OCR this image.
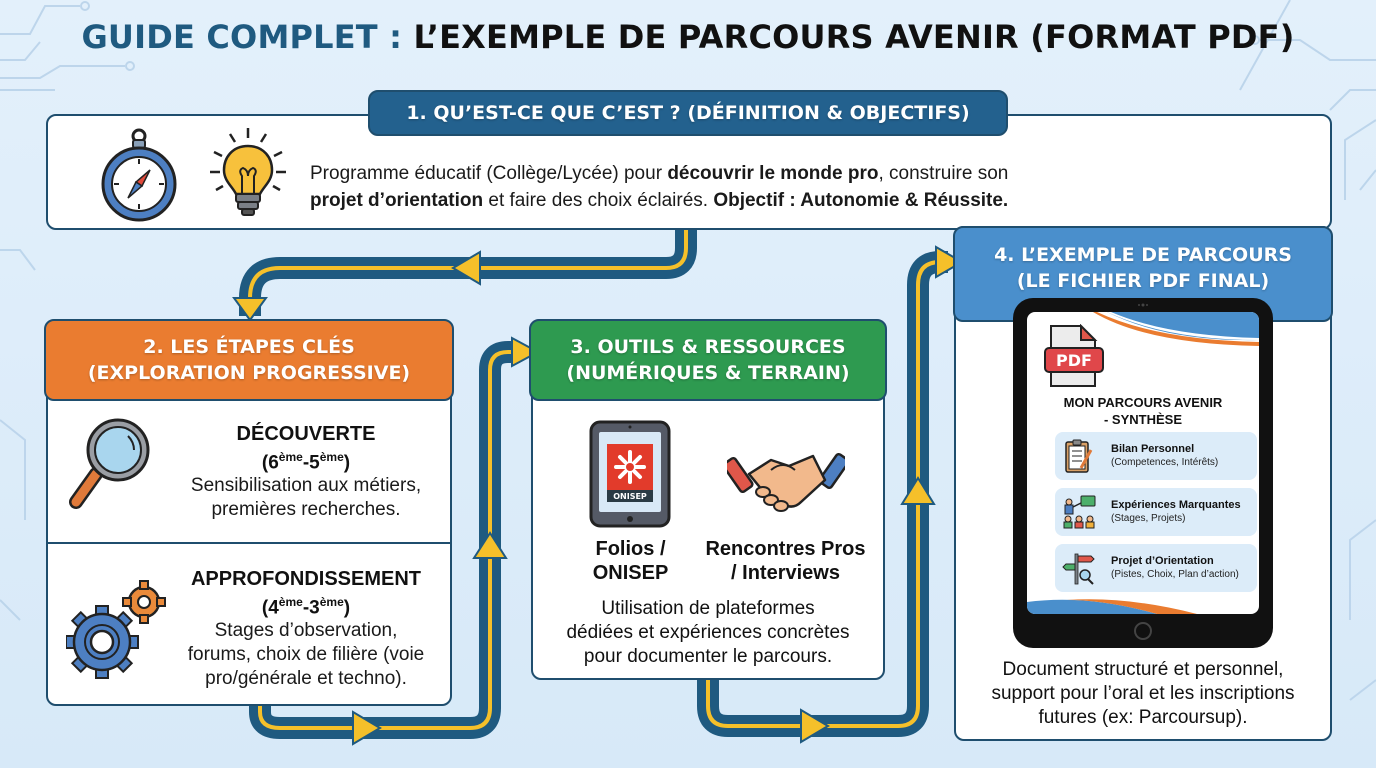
GUIDE COMPLET : L’EXEMPLE DE PARCOURS AVENIR (FORMAT PDF)
Programme éducatif (Collège/Lycée) pour découvrir le monde pro, construire son
projet d’orientation et faire des choix éclairés. Objectif : Autonomie & Réussite.
1. QU’EST-CE QUE C’EST ? (DÉFINITION & OBJECTIFS)
DÉCOUVERTE
(6ème-5ème)
Sensibilisation aux métiers,
premières recherches.
APPROFONDISSEMENT
(4ème-3ème)
Stages d’observation,
forums, choix de filière (voie
pro/générale et techno).
2. LES ÉTAPES CLÉS
(EXPLORATION PROGRESSIVE)
ONISEP
Folios /
ONISEP
Rencontres Pros
/ Interviews
Utilisation de plateformes
dédiées et expériences concrètes
pour documenter le parcours.
3. OUTILS & RESSOURCES
(NUMÉRIQUES & TERRAIN)
Document structuré et personnel,
support pour l’oral et les inscriptions
futures (ex: Parcoursup).
4. L’EXEMPLE DE PARCOURS
(LE FICHIER PDF FINAL)
PDF
MON PARCOURS AVENIR
- SYNTHÈSE
Bilan Personnel
(Competences, Intérêts)
Expériences Marquantes
(Stages, Projets)
Projet d’Orientation
(Pistes, Choix, Plan d’action)
